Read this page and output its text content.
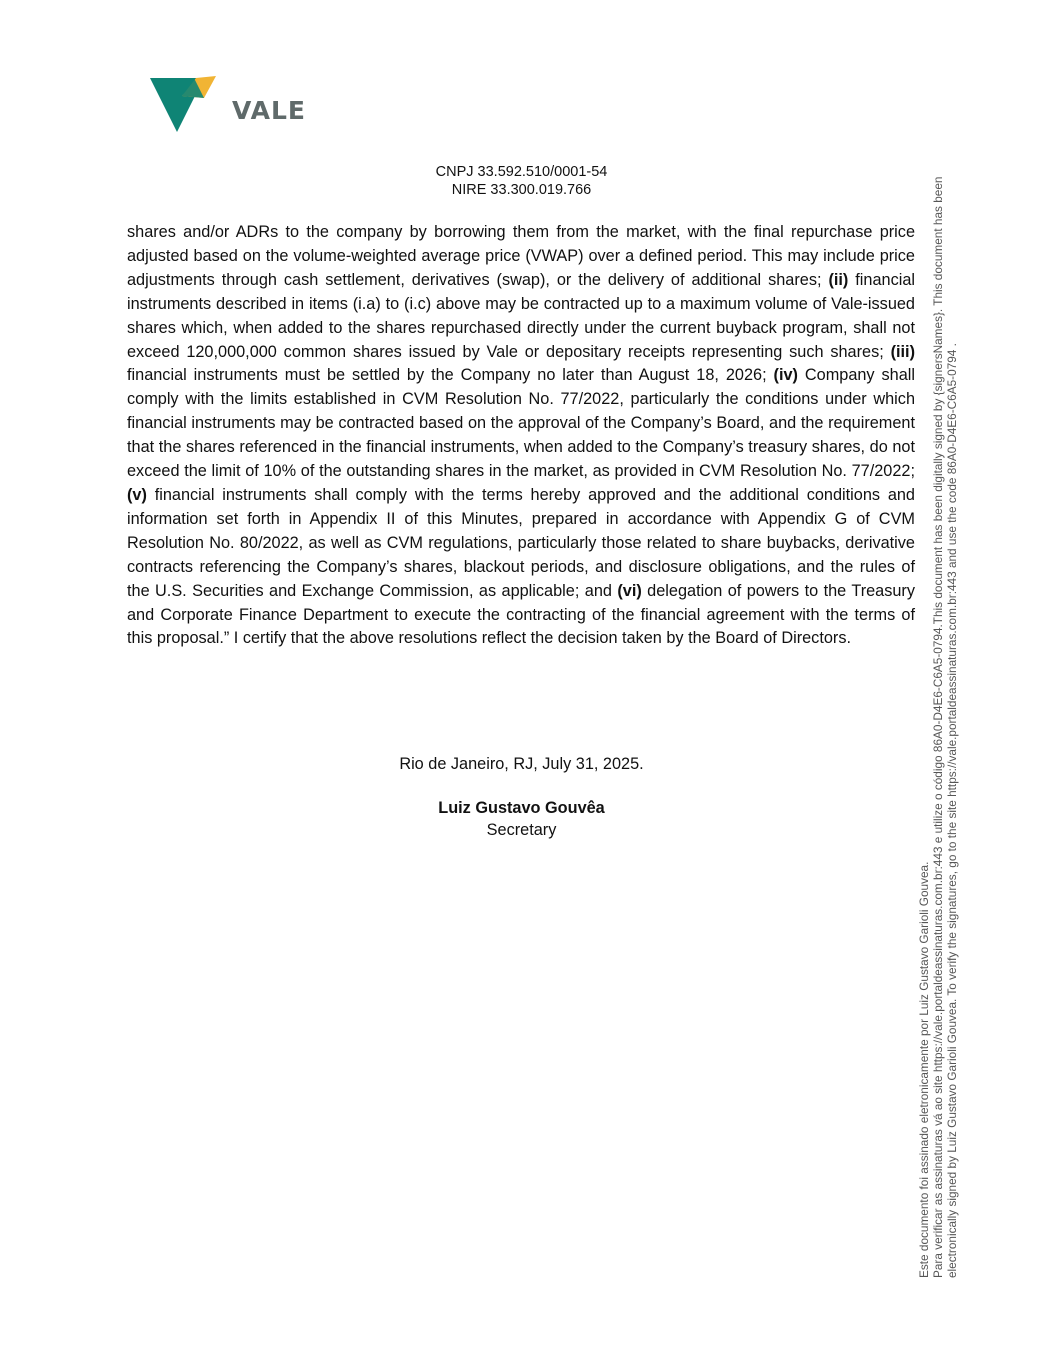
VALE
CNPJ 33.592.510/0001-54
NIRE 33.300.019.766

shares and/or ADRs to the company by borrowing them from the market, with the final repurchase price adjusted based on the volume-weighted average price (VWAP) over a defined period. This may include price adjustments through cash settlement, derivatives (swap), or the delivery of additional shares; (ii) financial instruments described in items (i.a) to (i.c) above may be contracted up to a maximum volume of Vale-issued shares which, when added to the shares repurchased directly under the current buyback program, shall not exceed 120,000,000 common shares issued by Vale or depositary receipts representing such shares; (iii) financial instruments must be settled by the Company no later than August 18, 2026; (iv) Company shall comply with the limits established in CVM Resolution No. 77/2022, particularly the conditions under which financial instruments may be contracted based on the approval of the Company’s Board, and the requirement that the shares referenced in the financial instruments, when added to the Company’s treasury shares, do not exceed the limit of 10% of the outstanding shares in the market, as provided in CVM Resolution No. 77/2022; (v) financial instruments shall comply with the terms hereby approved and the additional conditions and information set forth in Appendix II of this Minutes, prepared in accordance with Appendix G of CVM Resolution No. 80/2022, as well as CVM regulations, particularly those related to share buybacks, derivative contracts referencing the Company’s shares, blackout periods, and disclosure obligations, and the rules of the U.S. Securities and Exchange Commission, as applicable; and (vi) delegation of powers to the Treasury and Corporate Finance Department to execute the contracting of the financial agreement with the terms of this proposal.” I certify that the above resolutions reflect the decision taken by the Board of Directors.

Rio de Janeiro, RJ, July 31, 2025.
Luiz Gustavo Gouvêa
Secretary
Este documento foi assinado eletronicamente por Luiz Gustavo Garioli Gouvea. Para verificar as assinaturas vá ao site https://vale.portaldeassinaturas.com.br:443 e utilize o código 86A0-D4E6-C6A5-0794.This document has been digitally signed by {signersNames}. This document has been electronically signed by Luiz Gustavo Garioli Gouvea. To verify the signatures, go to the site https://vale.portaldeassinaturas.com.br:443 and use the code 86A0-D4E6-C6A5-0794 .
